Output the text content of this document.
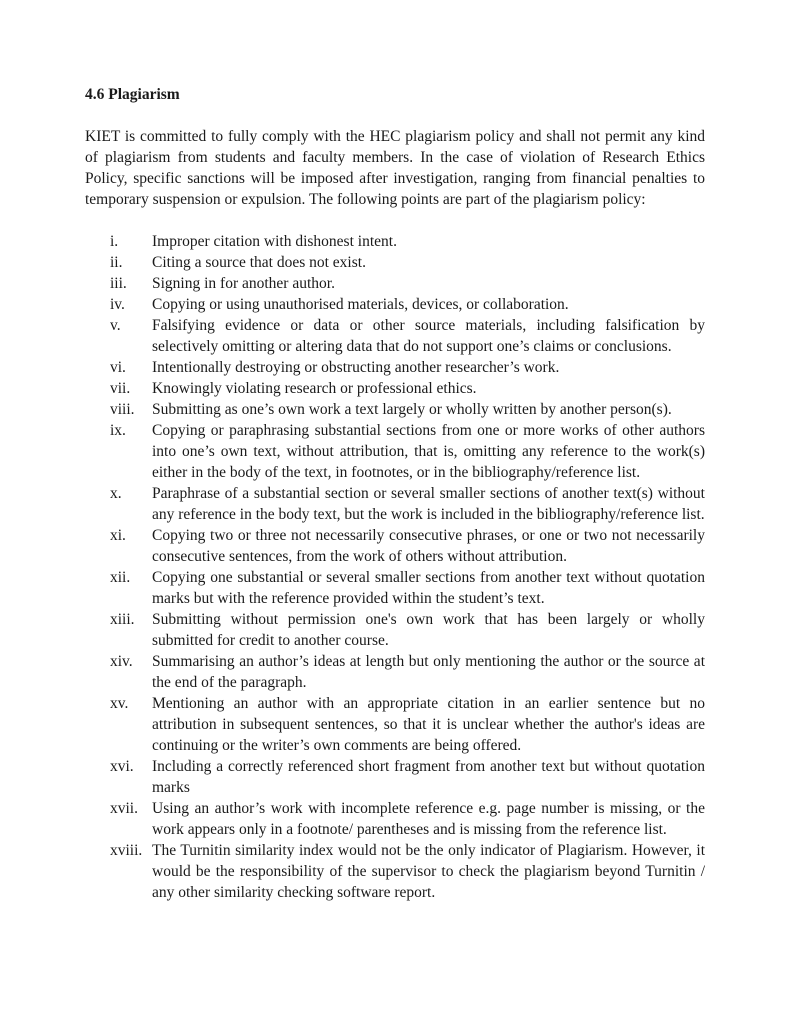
4.6 Plagiarism

KIET is committed to fully comply with the HEC plagiarism policy and shall not permit any kind of plagiarism from students and faculty members. In the case of violation of Research Ethics Policy, specific sanctions will be imposed after investigation, ranging from financial penalties to temporary suspension or expulsion. The following points are part of the plagiarism policy:

i.	Improper citation with dishonest intent.
ii.	Citing a source that does not exist.
iii.	Signing in for another author.
iv.	Copying or using unauthorised materials, devices, or collaboration.
v.	Falsifying evidence or data or other source materials, including falsification by selectively omitting or altering data that do not support one’s claims or conclusions.
vi.	Intentionally destroying or obstructing another researcher’s work.
vii.	Knowingly violating research or professional ethics.
viii.	Submitting as one’s own work a text largely or wholly written by another person(s).
ix.	Copying or paraphrasing substantial sections from one or more works of other authors into one’s own text, without attribution, that is, omitting any reference to the work(s) either in the body of the text, in footnotes, or in the bibliography/reference list.
x.	Paraphrase of a substantial section or several smaller sections of another text(s) without any reference in the body text, but the work is included in the bibliography/reference list.
xi.	Copying two or three not necessarily consecutive phrases, or one or two not necessarily consecutive sentences, from the work of others without attribution.
xii.	Copying one substantial or several smaller sections from another text without quotation marks but with the reference provided within the student’s text.
xiii.	Submitting without permission one's own work that has been largely or wholly submitted for credit to another course.
xiv.	Summarising an author’s ideas at length but only mentioning the author or the source at the end of the paragraph.
xv.	Mentioning an author with an appropriate citation in an earlier sentence but no attribution in subsequent sentences, so that it is unclear whether the author's ideas are continuing or the writer’s own comments are being offered.
xvi.	Including a correctly referenced short fragment from another text but without quotation marks
xvii. Using an author’s work with incomplete reference e.g. page number is missing, or the work appears only in a footnote/ parentheses and is missing from the reference list.
xviii. The Turnitin similarity index would not be the only indicator of Plagiarism. However, it would be the responsibility of the supervisor to check the plagiarism beyond Turnitin / any other similarity checking software report.
